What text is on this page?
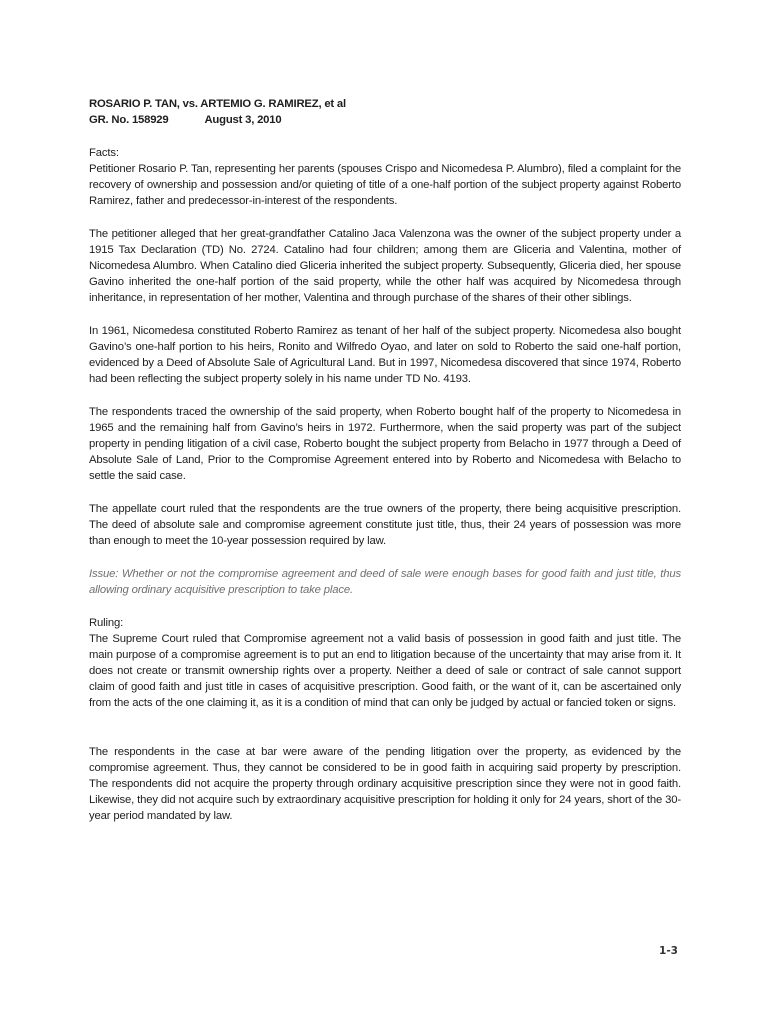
ROSARIO P. TAN, vs. ARTEMIO G. RAMIREZ, et al

GR. No. 158929	August 3, 2010

Facts:

Petitioner Rosario P. Tan, representing her parents (spouses Crispo and Nicomedesa P. Alumbro), filed a complaint for the recovery of ownership and possession and/or quieting of title of a one-half portion of the subject property against Roberto Ramirez, father and predecessor-in-interest of the respondents.

The petitioner alleged that her great-grandfather Catalino Jaca Valenzona was the owner of the subject property under a 1915 Tax Declaration (TD) No. 2724. Catalino had four children; among them are Gliceria and Valentina, mother of Nicomedesa Alumbro. When Catalino died Gliceria inherited the subject property. Subsequently, Gliceria died, her spouse Gavino inherited the one-half portion of the said property, while the other half was acquired by Nicomedesa through inheritance, in representation of her mother, Valentina and through purchase of the shares of their other siblings.

In 1961, Nicomedesa constituted Roberto Ramirez as tenant of her half of the subject property. Nicomedesa also bought Gavino’s one-half portion to his heirs, Ronito and Wilfredo Oyao, and later on sold to Roberto the said one-half portion, evidenced by a Deed of Absolute Sale of Agricultural Land. But in 1997, Nicomedesa discovered that since 1974, Roberto had been reflecting the subject property solely in his name under TD No. 4193.

The respondents traced the ownership of the said property, when Roberto bought half of the property to Nicomedesa in 1965 and the remaining half from Gavino’s heirs in 1972. Furthermore, when the said property was part of the subject property in pending litigation of a civil case, Roberto bought the subject property from Belacho in 1977 through a Deed of Absolute Sale of Land, Prior to the Compromise Agreement entered into by Roberto and Nicomedesa with Belacho to settle the said case.

The appellate court ruled that the respondents are the true owners of the property, there being acquisitive prescription. The deed of absolute sale and compromise agreement constitute just title, thus, their 24 years of possession was more than enough to meet the 10-year possession required by law.

Issue: Whether or not the compromise agreement and deed of sale were enough bases for good faith and just title, thus allowing ordinary acquisitive prescription to take place.

Ruling:

The Supreme Court ruled that Compromise agreement not a valid basis of possession in good faith and just title. The main purpose of a compromise agreement is to put an end to litigation because of the uncertainty that may arise from it. It does not create or transmit ownership rights over a property. Neither a deed of sale or contract of sale cannot support claim of good faith and just title in cases of acquisitive prescription. Good faith, or the want of it, can be ascertained only from the acts of the one claiming it, as it is a condition of mind that can only be judged by actual or fancied token or signs.

The respondents in the case at bar were aware of the pending litigation over the property, as evidenced by the compromise agreement. Thus, they cannot be considered to be in good faith in acquiring said property by prescription. The respondents did not acquire the property through ordinary acquisitive prescription since they were not in good faith. Likewise, they did not acquire such by extraordinary acquisitive prescription for holding it only for 24 years, short of the 30-year period mandated by law.

1-3
